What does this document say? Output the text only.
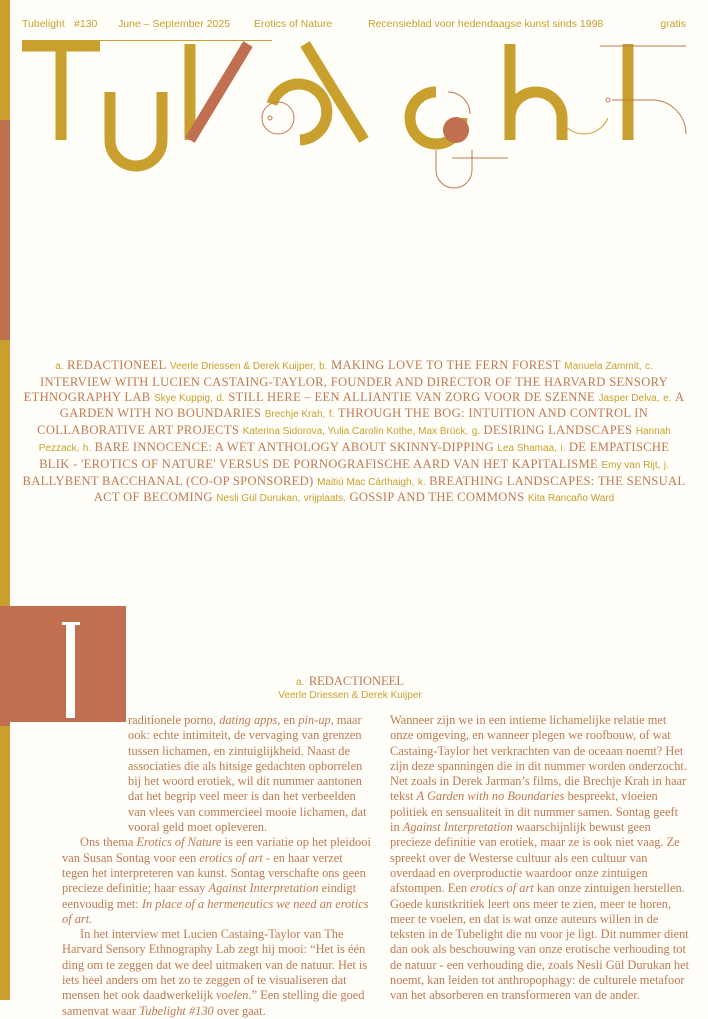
Tubelight #130 June – September 2025 Erotics of Nature	Recensieblad voor hedendaagse kunst sinds 1998	gratis
a. REDACTIONEEL Veerle Driessen & Derek Kuijper, b. MAKING LOVE TO THE FERN FOREST Manuela Zammit, c. INTERVIEW WITH LUCIEN CASTAING-TAYLOR, FOUNDER AND DIRECTOR OF THE HARVARD SENSORY ETHNOGRAPHY LAB Skye Kuppig, d. STILL HERE – EEN ALLIANTIE VAN ZORG VOOR DE SZENNE Jasper Delva, e. A GARDEN WITH NO BOUNDARIES Brechje Krah, f. THROUGH THE BOG: INTUITION AND CONTROL IN COLLABORATIVE ART PROJECTS Katerina Sidorova, Yulia Carolin Kothe, Max Brück, g. DESIRING LANDSCAPES Hannah Pezzack, h. BARE INNOCENCE: A WET ANTHOLOGY ABOUT SKINNY-DIPPING Lea Shamaa, i. DE EMPATISCHE BLIK - 'EROTICS OF NATURE' VERSUS DE PORNOGRAFISCHE AARD VAN HET KAPITALISME Emy van Rijt, j. BALLYBENT BACCHANAL (CO-OP SPONSORED) Maitiú Mac Cárthaigh, k. BREATHING LANDSCAPES: THE SENSUAL ACT OF BECOMING Nesli Gül Durukan, vrijplaats. GOSSIP AND THE COMMONS Kita Rancaño Ward
a. REDACTIONEEL
Veerle Driessen & Derek Kuijper

raditionele porno, dating apps, en pin-up, maar ook: echte intimiteit, de vervaging van grenzen tussen lichamen, en zintuiglijkheid. Naast de associaties die als hitsige gedachten opborrelen bij het woord erotiek, wil dit nummer aantonen dat het begrip veel meer is dan het verbeelden van vlees van commercieel mooie lichamen, dat vooral geld moet opleveren.

Ons thema Erotics of Nature is een variatie op het pleidooi van Susan Sontag voor een erotics of art - en haar verzet tegen het interpreteren van kunst. Sontag verschafte ons geen precieze definitie; haar essay Against Interpretation eindigt eenvoudig met: In place of a hermeneutics we need an erotics of art.

In het interview met Lucien Castaing-Taylor van The Harvard Sensory Ethnography Lab zegt hij mooi: “Het is één ding om te zeggen dat we deel uitmaken van de natuur. Het is iets heel anders om het zo te zeggen of te visualiseren dat mensen het ook daadwerkelijk voelen.” Een stelling die goed samenvat waar Tubelight #130 over gaat.

Wanneer zijn we in een intieme lichamelijke relatie met onze omgeving, en wanneer plegen we roofbouw, of wat Castaing-Taylor het verkrachten van de oceaan noemt? Het zijn deze spanningen die in dit nummer worden onderzocht. Net zoals in Derek Jarman’s films, die Brechje Krah in haar tekst A Garden with no Boundaries bespreekt, vloeien politiek en sensualiteit in dit nummer samen. Sontag geeft in Against Interpretation waarschijnlijk bewust geen precieze definitie van erotiek, maar ze is ook niet vaag. Ze spreekt over de Westerse cultuur als een cultuur van overdaad en overproductie waardoor onze zintuigen afstompen. Een erotics of art kan onze zintuigen herstellen. Goede kunstkritiek leert ons meer te zien, meer te horen, meer te voelen, en dat is wat onze auteurs willen in de teksten in de Tubelight die nu voor je ligt. Dit nummer dient dan ook als beschouwing van onze erotische verhouding tot de natuur - een verhouding die, zoals Nesli Gül Durukan het noemt, kan leiden tot anthropophagy: de culturele metafoor van het absorberen en transformeren van de ander.
